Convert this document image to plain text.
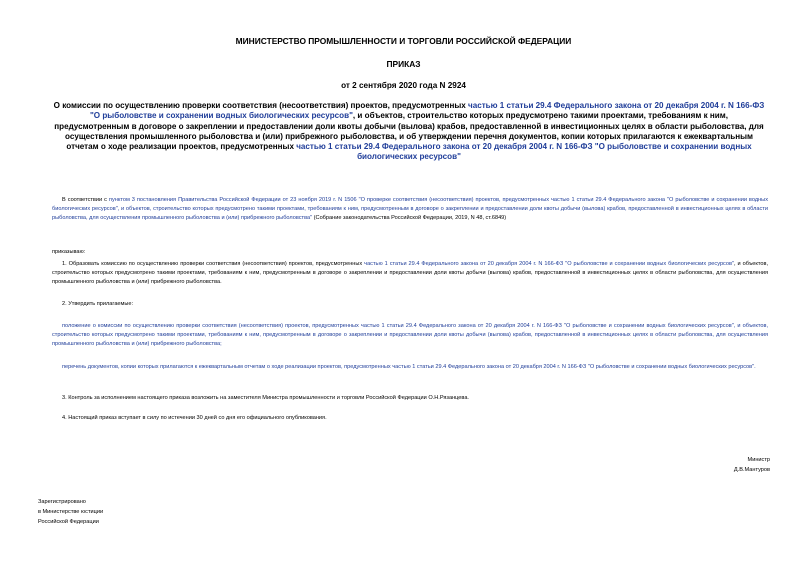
МИНИСТЕРСТВО ПРОМЫШЛЕННОСТИ И ТОРГОВЛИ РОССИЙСКОЙ ФЕДЕРАЦИИ
ПРИКАЗ
от 2 сентября 2020 года N 2924
О комиссии по осуществлению проверки соответствия (несоответствия) проектов, предусмотренных частью 1 статьи 29.4 Федерального закона от 20 декабря 2004 г. N 166-ФЗ "О рыболовстве и сохранении водных биологических ресурсов", и объектов, строительство которых предусмотрено такими проектами, требованиям к ним, предусмотренным в договоре о закреплении и предоставлении доли квоты добычи (вылова) крабов, предоставленной в инвестиционных целях в области рыболовства, для осуществления промышленного рыболовства и (или) прибрежного рыболовства, и об утверждении перечня документов, копии которых прилагаются к ежеквартальным отчетам о ходе реализации проектов, предусмотренных частью 1 статьи 29.4 Федерального закона от 20 декабря 2004 г. N 166-ФЗ "О рыболовстве и сохранении водных биологических ресурсов"
В соответствии с пунктом 3 постановления Правительства Российской Федерации от 23 ноября 2019 г. N 1506 "О проверке соответствия (несоответствия) проектов, предусмотренных частью 1 статьи 29.4 Федерального закона "О рыболовстве и сохранении водных биологических ресурсов", и объектов, строительство которых предусмотрено такими проектами, требованиям к ним, предусмотренным в договоре о закреплении и предоставлении доли квоты добычи (вылова) крабов, предоставленной в инвестиционных целях в области рыболовства, для осуществления промышленного рыболовства и (или) прибрежного рыболовства" (Собрание законодательства Российской Федерации, 2019, N 48, ст.6849)
приказываю:
1. Образовать комиссию по осуществлению проверки соответствия (несоответствия) проектов, предусмотренных частью 1 статьи 29.4 Федерального закона от 20 декабря 2004 г. N 166-ФЗ "О рыболовстве и сохранении водных биологических ресурсов", и объектов, строительство которых предусмотрено такими проектами, требованиям к ним, предусмотренным в договоре о закреплении и предоставлении доли квоты добычи (вылова) крабов, предоставленной в инвестиционных целях в области рыболовства, для осуществления промышленного рыболовства и (или) прибрежного рыболовства.
2. Утвердить прилагаемые:
положение о комиссии по осуществлению проверки соответствия (несоответствия) проектов, предусмотренных частью 1 статьи 29.4 Федерального закона от 20 декабря 2004 г. N 166-ФЗ "О рыболовстве и сохранении водных биологических ресурсов", и объектов, строительство которых предусмотрено такими проектами, требованиям к ним, предусмотренным в договоре о закреплении и предоставлении доли квоты добычи (вылова) крабов, предоставленной в инвестиционных целях в области рыболовства, для осуществления промышленного рыболовства и (или) прибрежного рыболовства;
перечень документов, копии которых прилагаются к ежеквартальным отчетам о ходе реализации проектов, предусмотренных частью 1 статьи 29.4 Федерального закона от 20 декабря 2004 г. N 166-ФЗ "О рыболовстве и сохранении водных биологических ресурсов".
3. Контроль за исполнением настоящего приказа возложить на заместителя Министра промышленности и торговли Российской Федерации О.Н.Рязанцева.
4. Настоящий приказ вступает в силу по истечении 30 дней со дня его официального опубликования.
Министр
Д.В.Мантуров
Зарегистрировано
в Министерстве юстиции
Российской Федерации
